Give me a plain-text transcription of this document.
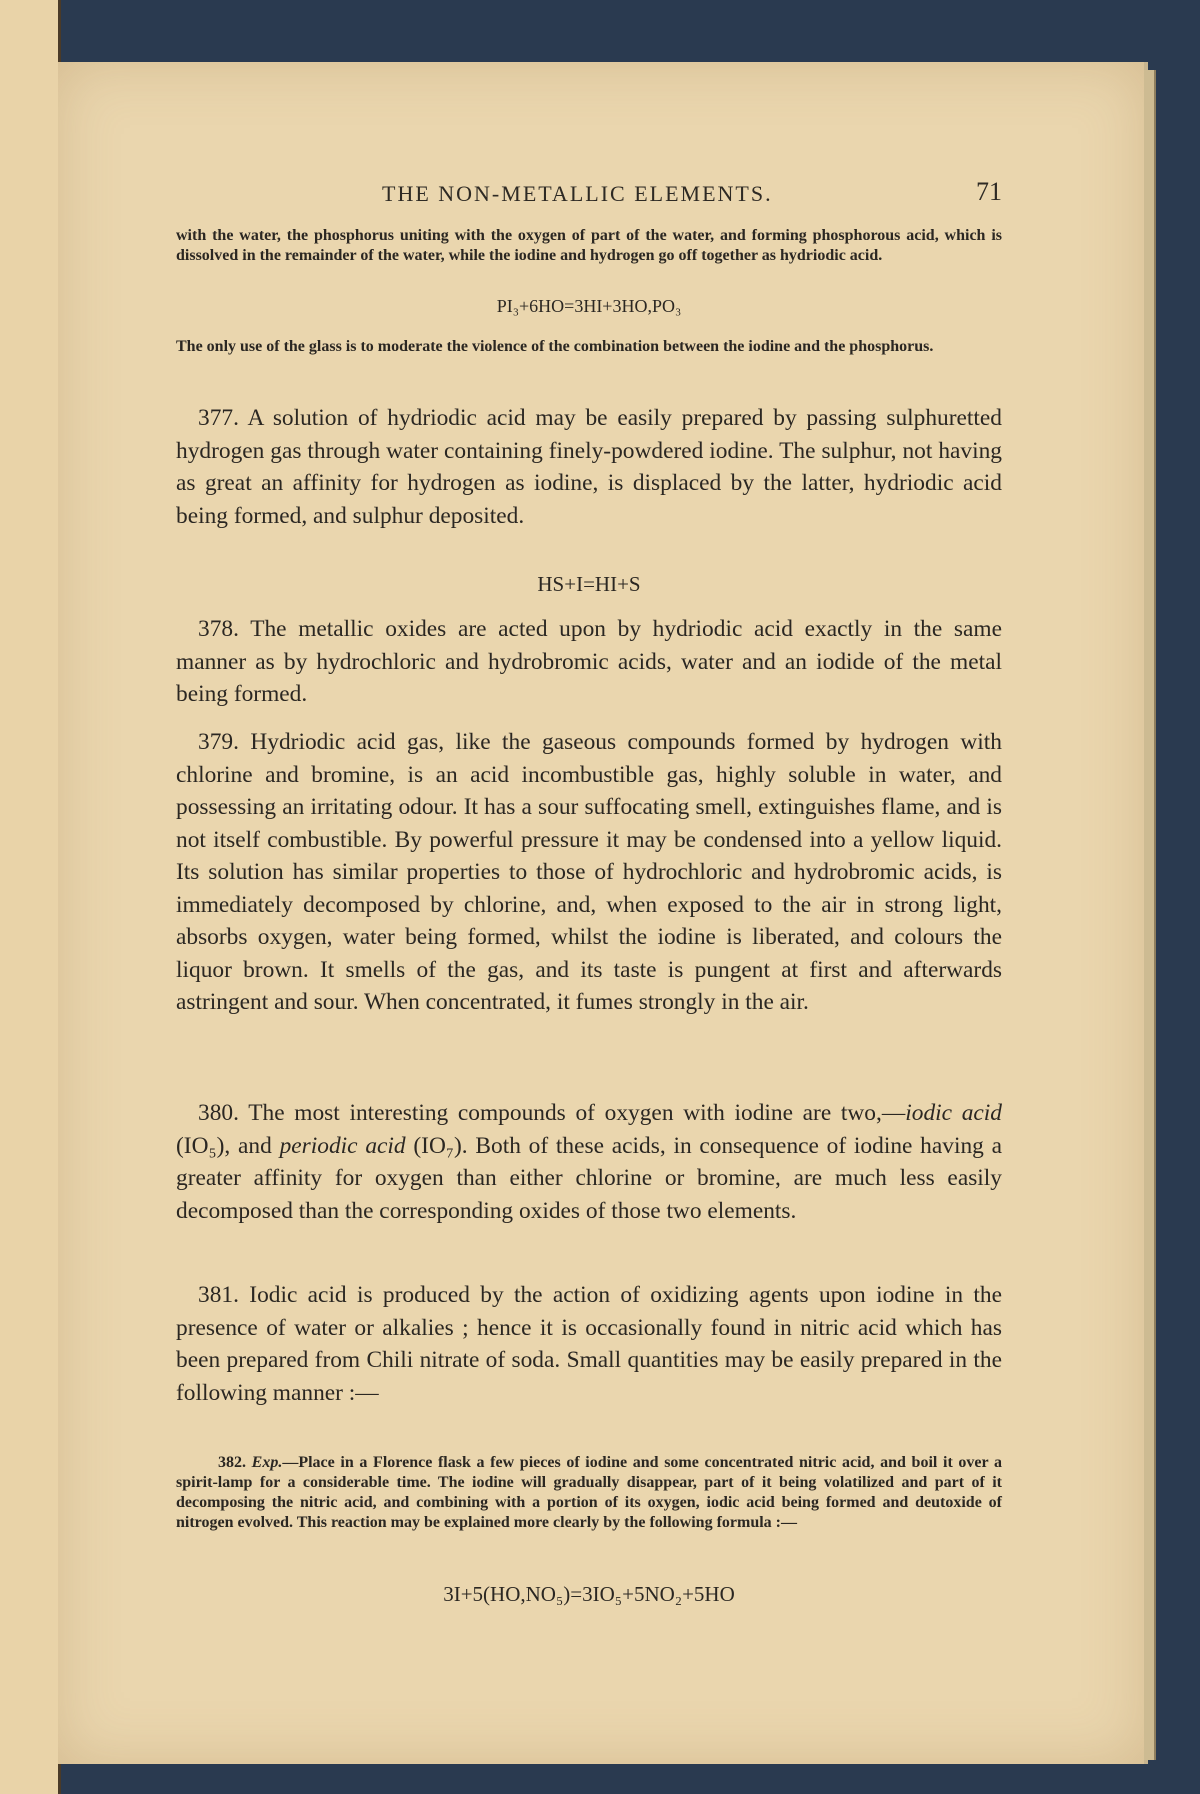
THE NON-METALLIC ELEMENTS.	71
with the water, the phosphorus uniting with the oxygen of part of the water, and forming phosphorous acid, which is dissolved in the remainder of the water, while the iodine and hydrogen go off together as hydriodic acid.
PI₃+6HO=3HI+3HO,PO₃
The only use of the glass is to moderate the violence of the combination between the iodine and the phosphorus.
377. A solution of hydriodic acid may be easily prepared by passing sulphuretted hydrogen gas through water containing finely-powdered iodine. The sulphur, not having as great an affinity for hydrogen as iodine, is displaced by the latter, hydriodic acid being formed, and sulphur deposited.
HS+I=HI+S
378. The metallic oxides are acted upon by hydriodic acid exactly in the same manner as by hydrochloric and hydrobromic acids, water and an iodide of the metal being formed.
379. Hydriodic acid gas, like the gaseous compounds formed by hydrogen with chlorine and bromine, is an acid incombustible gas, highly soluble in water, and possessing an irritating odour. It has a sour suffocating smell, extinguishes flame, and is not itself combustible. By powerful pressure it may be condensed into a yellow liquid. Its solution has similar properties to those of hydrochloric and hydrobromic acids, is immediately decomposed by chlorine, and, when exposed to the air in strong light, absorbs oxygen, water being formed, whilst the iodine is liberated, and colours the liquor brown. It smells of the gas, and its taste is pungent at first and afterwards astringent and sour. When concentrated, it fumes strongly in the air.
380. The most interesting compounds of oxygen with iodine are two,—iodic acid (IO₅), and periodic acid (IO₇). Both of these acids, in consequence of iodine having a greater affinity for oxygen than either chlorine or bromine, are much less easily decomposed than the corresponding oxides of those two elements.
381. Iodic acid is produced by the action of oxidizing agents upon iodine in the presence of water or alkalies ; hence it is occasionally found in nitric acid which has been prepared from Chili nitrate of soda. Small quantities may be easily prepared in the following manner :—
382. Exp.—Place in a Florence flask a few pieces of iodine and some concentrated nitric acid, and boil it over a spirit-lamp for a considerable time. The iodine will gradually disappear, part of it being volatilized and part of it decomposing the nitric acid, and combining with a portion of its oxygen, iodic acid being formed and deutoxide of nitrogen evolved. This reaction may be explained more clearly by the following formula :—
3I+5(HO,NO₅)=3IO₅+5NO₂+5HO
